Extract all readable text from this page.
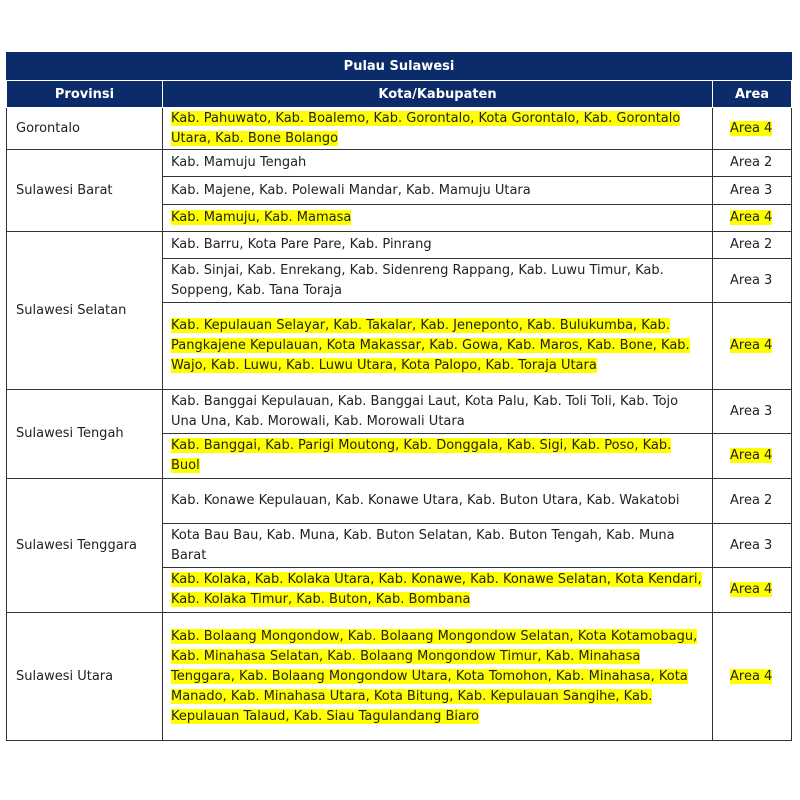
Pulau Sulawesi		
Provinsi	Kota/Kabupaten	Area
Gorontalo	Kab. Pahuwato, Kab. Boalemo, Kab. Gorontalo, Kota Gorontalo, Kab. Gorontalo Utara, Kab. Bone Bolango	Area 4
Sulawesi Barat	Kab. Mamuju Tengah	Area 2
	Kab. Majene, Kab. Polewali Mandar, Kab. Mamuju Utara	Area 3
	Kab. Mamuju, Kab. Mamasa	Area 4
Sulawesi Selatan	Kab. Barru, Kota Pare Pare, Kab. Pinrang	Area 2
	Kab. Sinjai, Kab. Enrekang, Kab. Sidenreng Rappang, Kab. Luwu Timur, Kab. Soppeng, Kab. Tana Toraja	Area 3
	Kab. Kepulauan Selayar, Kab. Takalar, Kab. Jeneponto, Kab. Bulukumba, Kab. Pangkajene Kepulauan, Kota Makassar, Kab. Gowa, Kab. Maros, Kab. Bone, Kab. Wajo, Kab. Luwu, Kab. Luwu Utara, Kota Palopo, Kab. Toraja Utara	Area 4
Sulawesi Tengah	Kab. Banggai Kepulauan, Kab. Banggai Laut, Kota Palu, Kab. Toli Toli, Kab. Tojo Una Una, Kab. Morowali, Kab. Morowali Utara	Area 3
	Kab. Banggai, Kab. Parigi Moutong, Kab. Donggala, Kab. Sigi, Kab. Poso, Kab. Buol	Area 4
Sulawesi Tenggara	Kab. Konawe Kepulauan, Kab. Konawe Utara, Kab. Buton Utara, Kab. Wakatobi	Area 2
	Kota Bau Bau, Kab. Muna, Kab. Buton Selatan, Kab. Buton Tengah, Kab. Muna Barat	Area 3
	Kab. Kolaka, Kab. Kolaka Utara, Kab. Konawe, Kab. Konawe Selatan, Kota Kendari, Kab. Kolaka Timur, Kab. Buton, Kab. Bombana	Area 4
Sulawesi Utara	Kab. Bolaang Mongondow, Kab. Bolaang Mongondow Selatan, Kota Kotamobagu, Kab. Minahasa Selatan, Kab. Bolaang Mongondow Timur, Kab. Minahasa Tenggara, Kab. Bolaang Mongondow Utara, Kota Tomohon, Kab. Minahasa, Kota Manado, Kab. Minahasa Utara, Kota Bitung, Kab. Kepulauan Sangihe, Kab. Kepulauan Talaud, Kab. Siau Tagulandang Biaro	Area 4
